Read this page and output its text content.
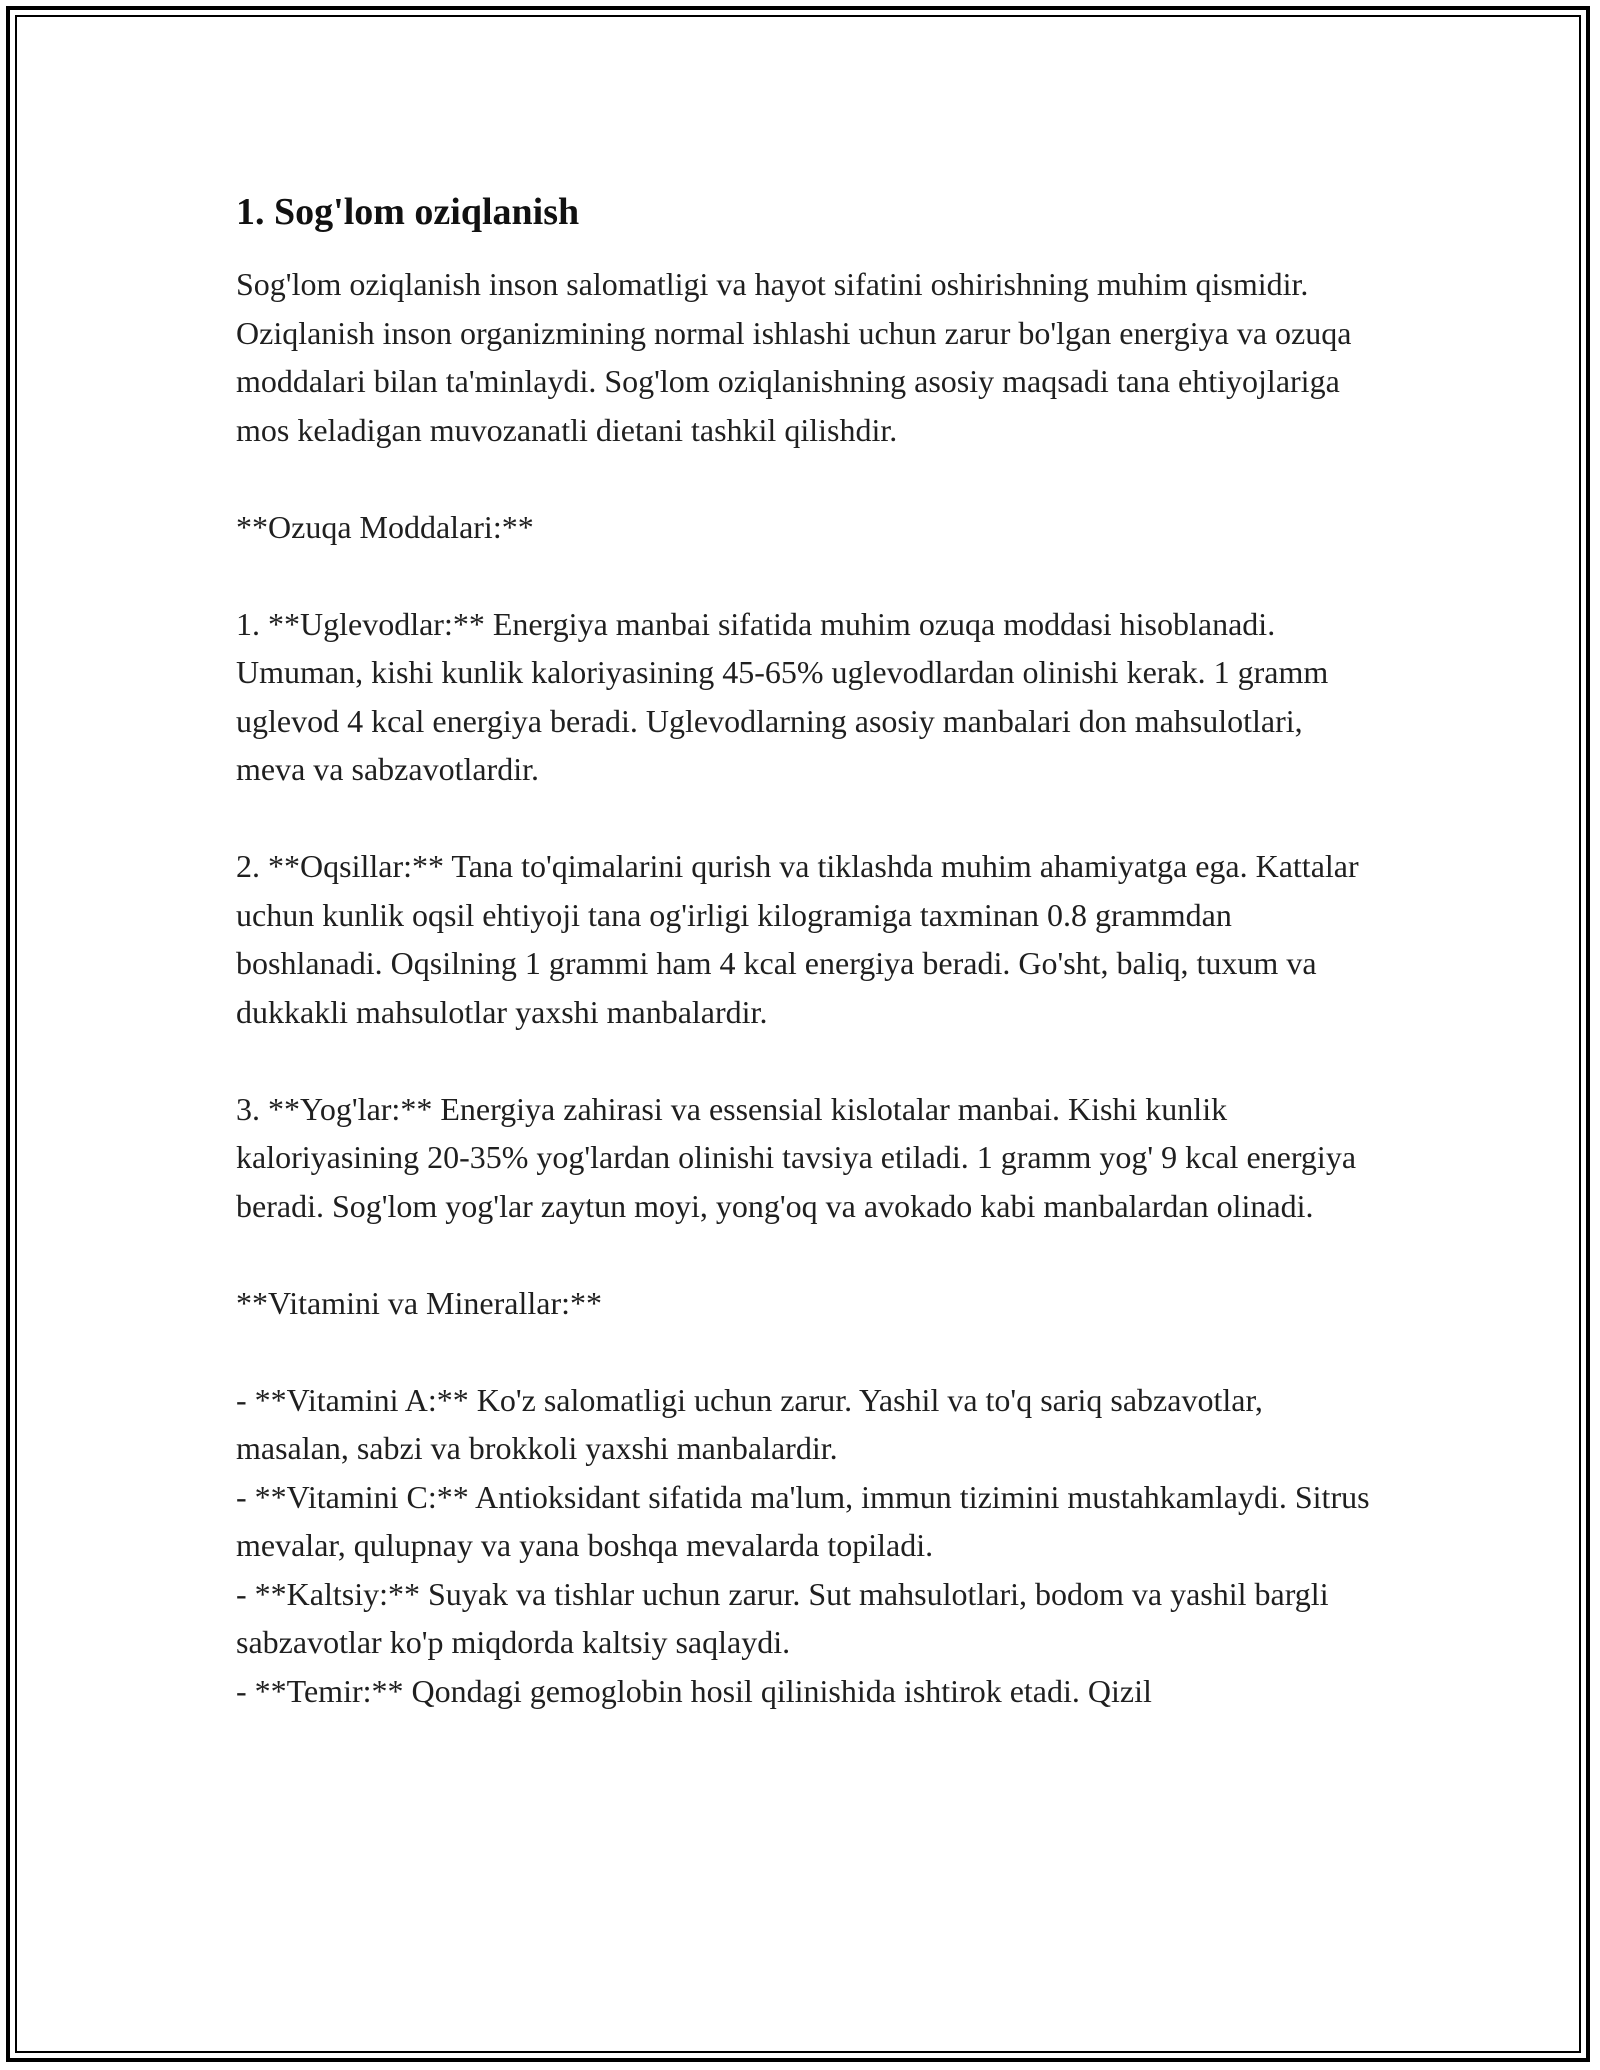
1. Sog'lom oziqlanish

Sog'lom oziqlanish inson salomatligi va hayot sifatini oshirishning muhim qismidir. Oziqlanish inson organizmining normal ishlashi uchun zarur bo'lgan energiya va ozuqa moddalari bilan ta'minlaydi. Sog'lom oziqlanishning asosiy maqsadi tana ehtiyojlariga mos keladigan muvozanatli dietani tashkil qilishdir.

**Ozuqa Moddalari:**

1. **Uglevodlar:** Energiya manbai sifatida muhim ozuqa moddasi hisoblanadi. Umuman, kishi kunlik kaloriyasining 45-65% uglevodlardan olinishi kerak. 1 gramm uglevod 4 kcal energiya beradi. Uglevodlarning asosiy manbalari don mahsulotlari, meva va sabzavotlardir.

2. **Oqsillar:** Tana to'qimalarini qurish va tiklashda muhim ahamiyatga ega. Kattalar uchun kunlik oqsil ehtiyoji tana og'irligi kilogramiga taxminan 0.8 grammdan boshlanadi. Oqsilning 1 grammi ham 4 kcal energiya beradi. Go'sht, baliq, tuxum va dukkakli mahsulotlar yaxshi manbalardir.

3. **Yog'lar:** Energiya zahirasi va essensial kislotalar manbai. Kishi kunlik kaloriyasining 20-35% yog'lardan olinishi tavsiya etiladi. 1 gramm yog' 9 kcal energiya beradi. Sog'lom yog'lar zaytun moyi, yong'oq va avokado kabi manbalardan olinadi.

**Vitamini va Minerallar:**

- **Vitamini A:** Ko'z salomatligi uchun zarur. Yashil va to'q sariq sabzavotlar, masalan, sabzi va brokkoli yaxshi manbalardir.

- **Vitamini C:** Antioksidant sifatida ma'lum, immun tizimini mustahkamlaydi. Sitrus mevalar, qulupnay va yana boshqa mevalarda topiladi.

- **Kaltsiy:** Suyak va tishlar uchun zarur. Sut mahsulotlari, bodom va yashil bargli sabzavotlar ko'p miqdorda kaltsiy saqlaydi.

- **Temir:** Qondagi gemoglobin hosil qilinishida ishtirok etadi. Qizil
